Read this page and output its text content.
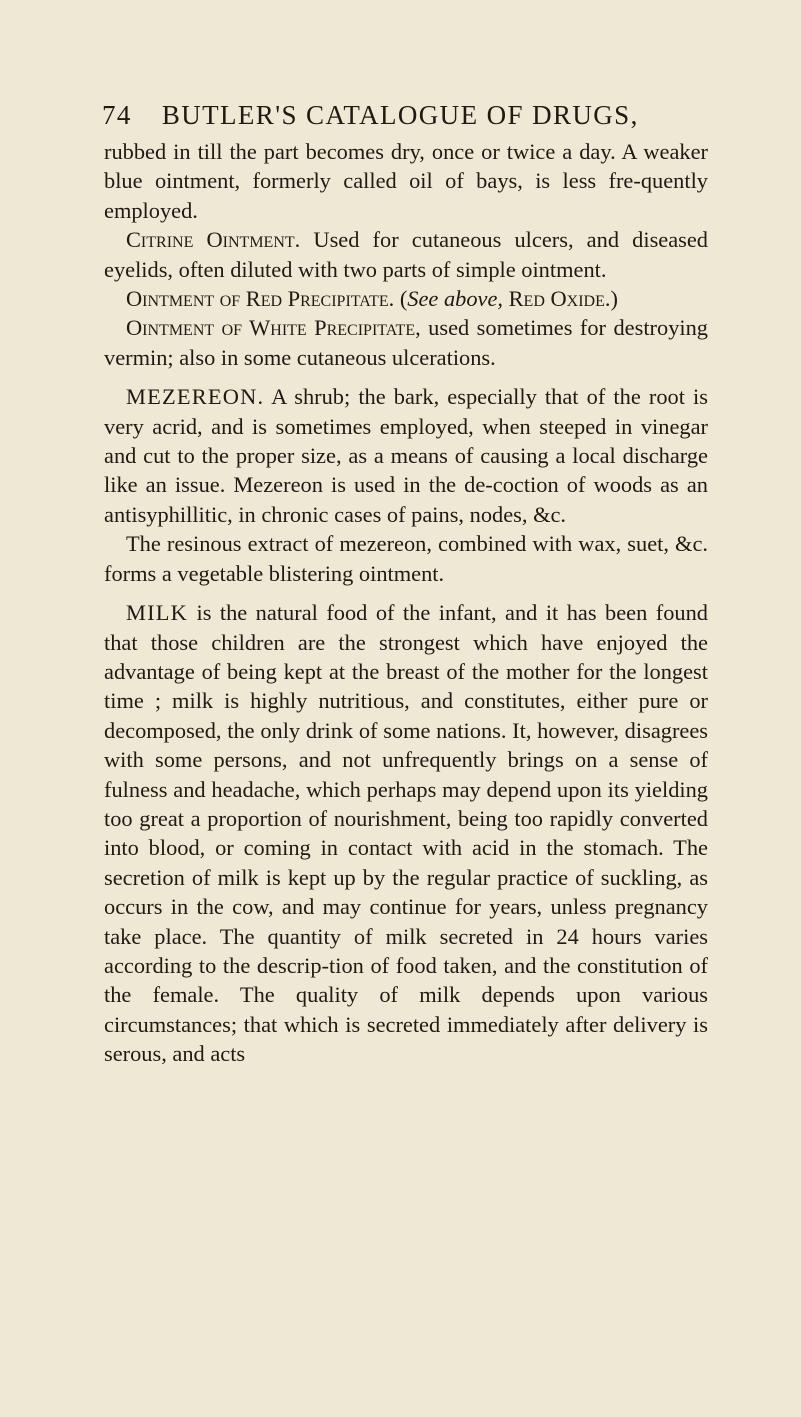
74 BUTLER'S CATALOGUE OF DRUGS,

rubbed in till the part becomes dry, once or twice a day. A weaker blue ointment, formerly called oil of bays, is less fre-quently employed.

Citrine Ointment. Used for cutaneous ulcers, and diseased eyelids, often diluted with two parts of simple ointment.

Ointment of Red Precipitate. (See above, Red Oxide.)

Ointment of White Precipitate, used sometimes for destroying vermin; also in some cutaneous ulcerations.

MEZEREON. A shrub; the bark, especially that of the root is very acrid, and is sometimes employed, when steeped in vinegar and cut to the proper size, as a means of causing a local discharge like an issue. Mezereon is used in the de-coction of woods as an antisyphillitic, in chronic cases of pains, nodes, &c.

The resinous extract of mezereon, combined with wax, suet, &c. forms a vegetable blistering ointment.

MILK is the natural food of the infant, and it has been found that those children are the strongest which have enjoyed the advantage of being kept at the breast of the mother for the longest time ; milk is highly nutritious, and constitutes, either pure or decomposed, the only drink of some nations. It, however, disagrees with some persons, and not unfrequently brings on a sense of fulness and headache, which perhaps may depend upon its yielding too great a proportion of nourishment, being too rapidly converted into blood, or coming in contact with acid in the stomach. The secretion of milk is kept up by the regular practice of suckling, as occurs in the cow, and may continue for years, unless pregnancy take place. The quantity of milk secreted in 24 hours varies according to the descrip-tion of food taken, and the constitution of the female. The quality of milk depends upon various circumstances; that which is secreted immediately after delivery is serous, and acts
